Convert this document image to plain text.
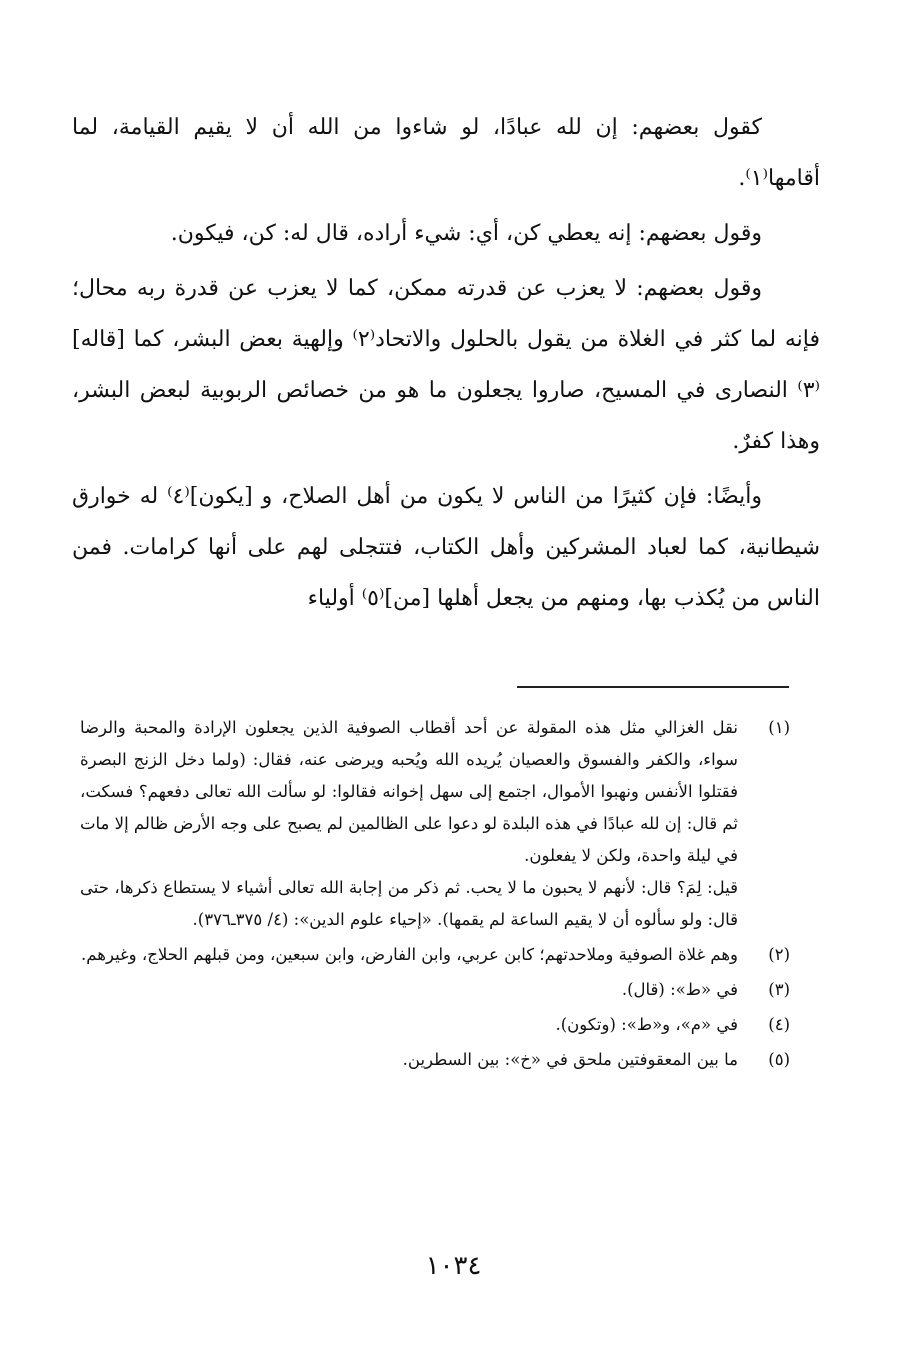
كقول بعضهم: إن لله عبادًا، لو شاءوا من الله أن لا يقيم القيامة، لما أقامها⁽١⁾.

وقول بعضهم: إنه يعطي كن، أي: شيء أراده، قال له: كن، فيكون.

وقول بعضهم: لا يعزب عن قدرته ممكن، كما لا يعزب عن قدرة ربه محال؛ فإنه لما كثر في الغلاة من يقول بالحلول والاتحاد⁽٢⁾ وإلهية بعض البشر، كما [قاله]⁽٣⁾ النصارى في المسيح، صاروا يجعلون ما هو من خصائص الربوبية لبعض البشر، وهذا كفرٌ.

وأيضًا: فإن كثيرًا من الناس لا يكون من أهل الصلاح، و [يكون]⁽٤⁾ له خوارق شيطانية، كما لعباد المشركين وأهل الكتاب، فتتجلى لهم على أنها كرامات. فمن الناس من يُكذب بها، ومنهم من يجعل أهلها [من]⁽٥⁾ أولياء

(١)

نقل الغزالي مثل هذه المقولة عن أحد أقطاب الصوفية الذين يجعلون الإرادة والمحبة والرضا سواء، والكفر والفسوق والعصيان يُريده الله ويُحبه ويرضى عنه، فقال: (ولما دخل الزنج البصرة فقتلوا الأنفس ونهبوا الأموال، اجتمع إلى سهل إخوانه فقالوا: لو سألت الله تعالى دفعهم؟ فسكت، ثم قال: إن لله عبادًا في هذه البلدة لو دعوا على الظالمين لم يصبح على وجه الأرض ظالم إلا مات في ليلة واحدة، ولكن لا يفعلون.

قيل: لِمَ؟ قال: لأنهم لا يحبون ما لا يحب. ثم ذكر من إجابة الله تعالى أشياء لا يستطاع ذكرها، حتى قال: ولو سألوه أن لا يقيم الساعة لم يقمها). «إحياء علوم الدين»: (٤/ ٣٧٥ـ٣٧٦).

(٢)

وهم غلاة الصوفية وملاحدتهم؛ كابن عربي، وابن الفارض، وابن سبعين، ومن قبلهم الحلاج، وغيرهم.

(٣)

في «ط»: (قال).

(٤)

في «م»، و«ط»: (وتكون).

(٥)

ما بين المعقوفتين ملحق في «خ»: بين السطرين.

١٠٣٤
